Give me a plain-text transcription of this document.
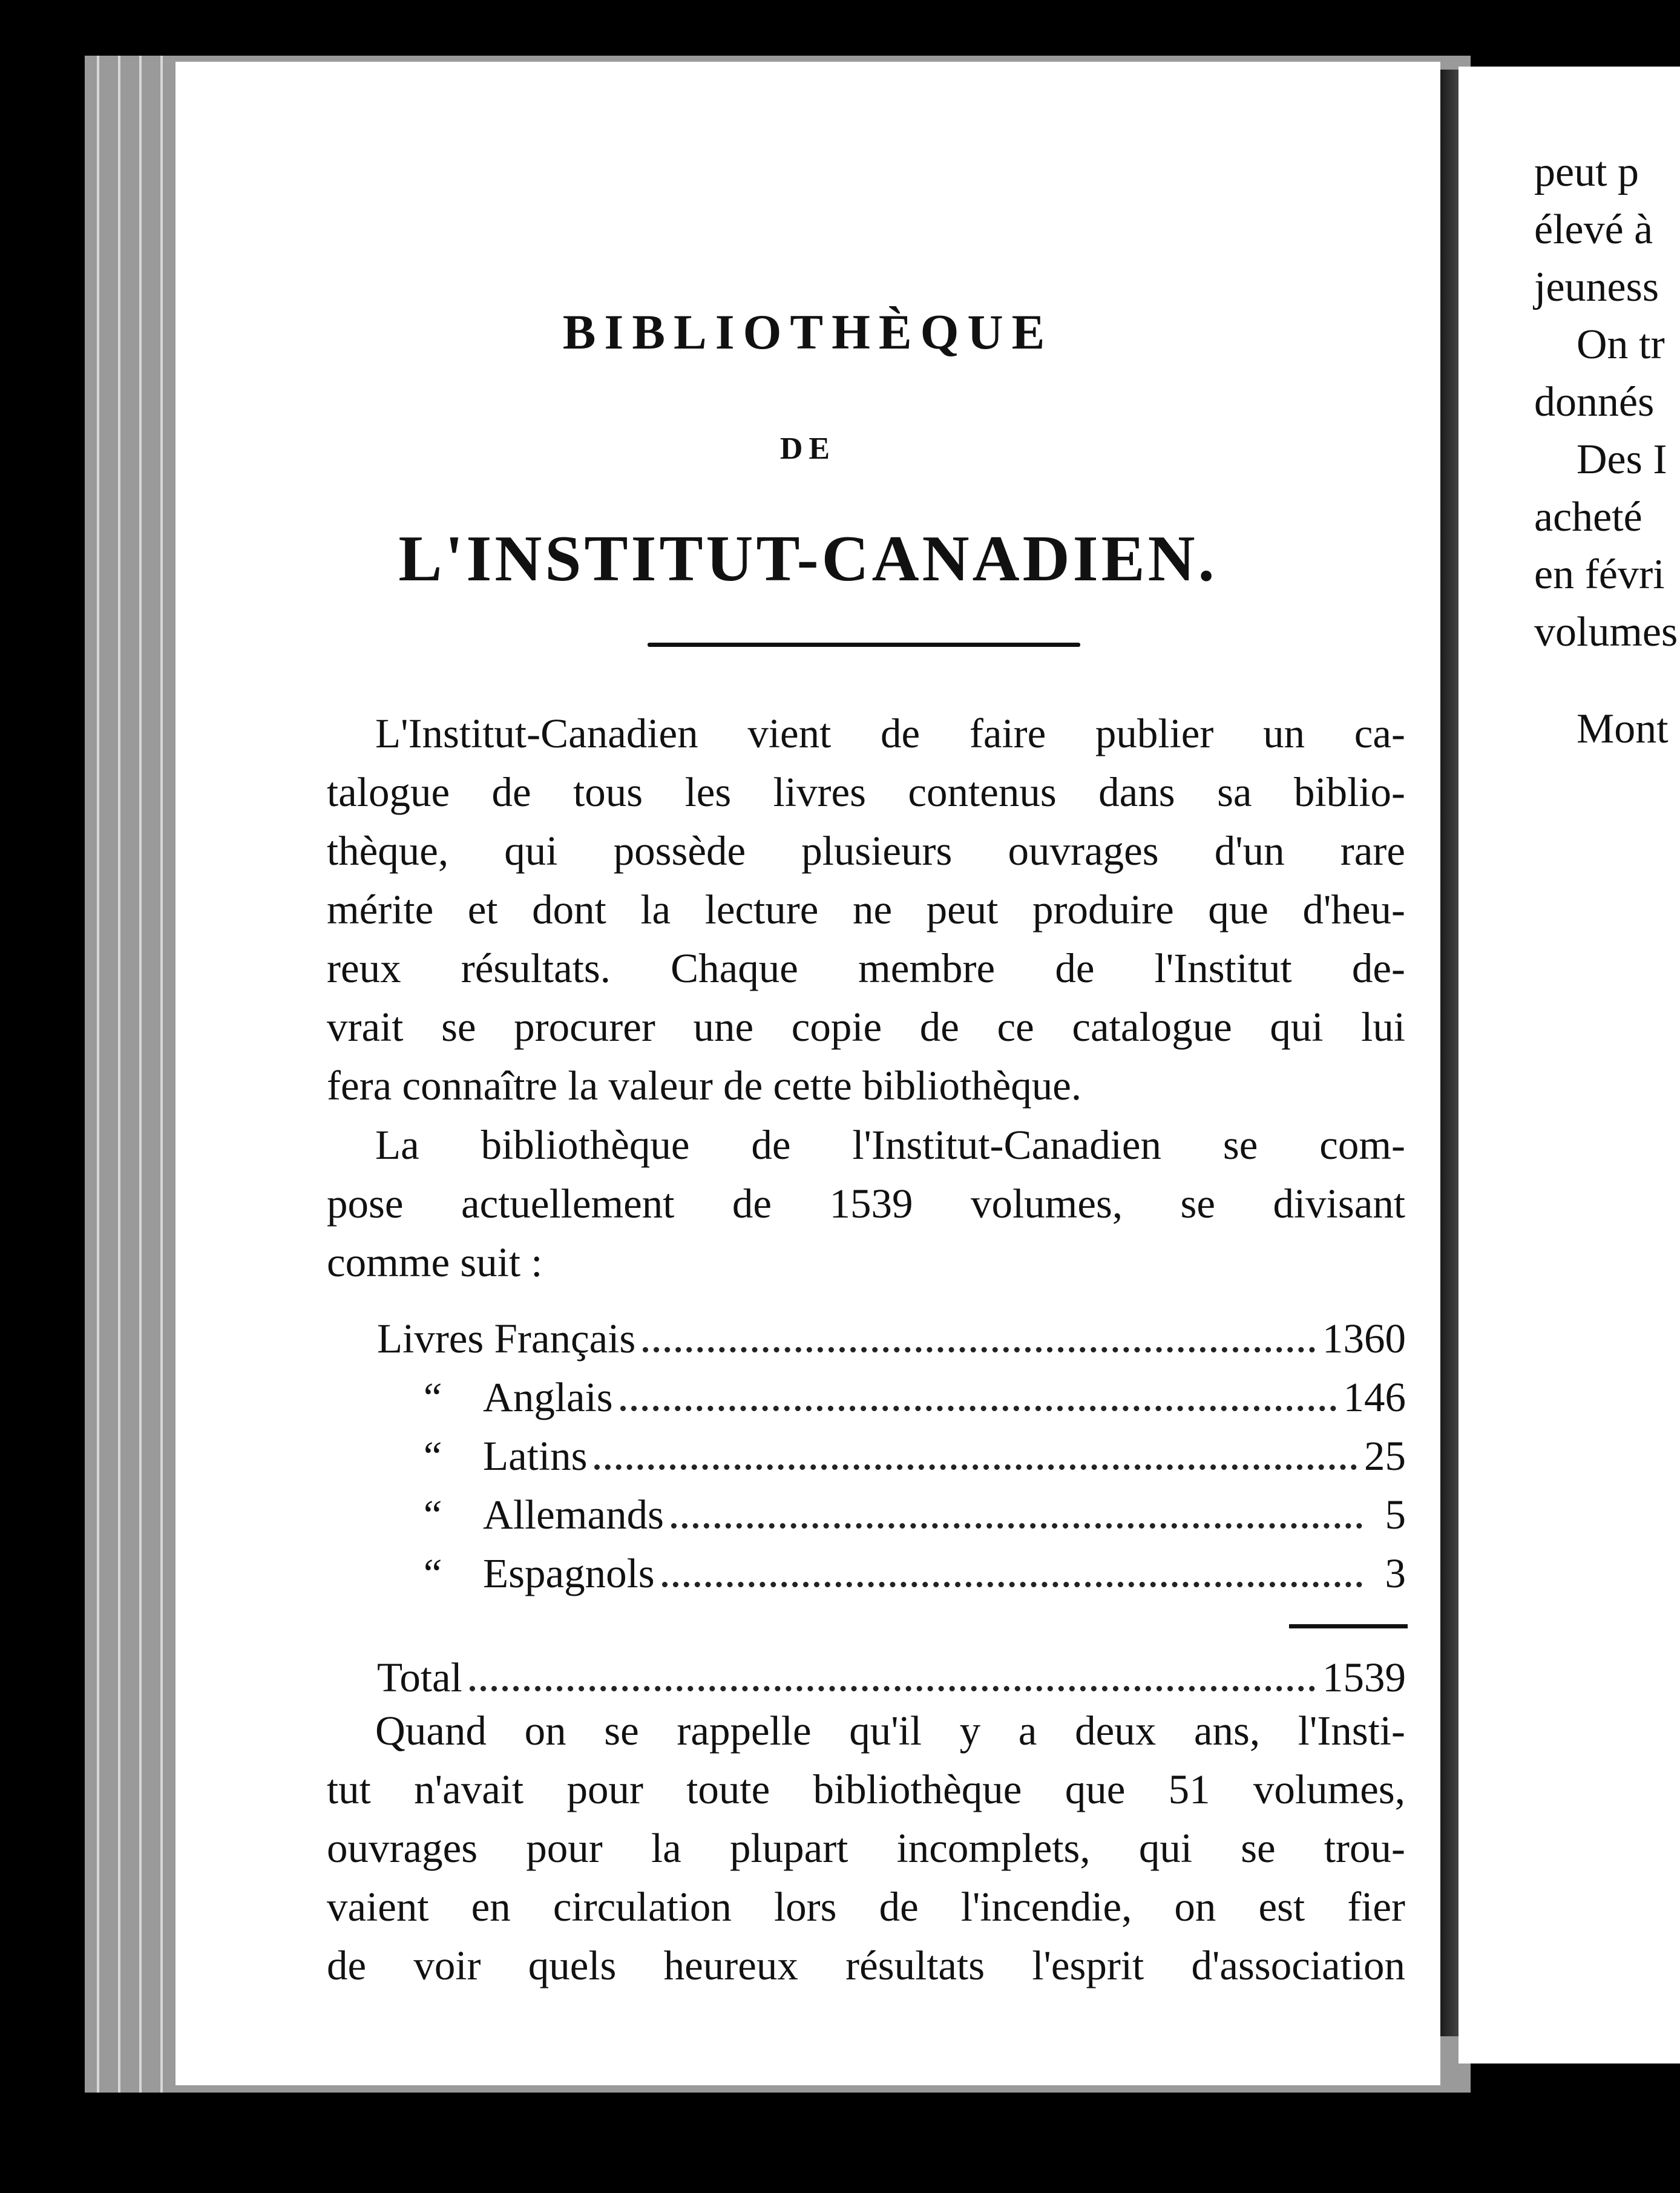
peut p
élevé à
jeuness
On tr
donnés
Des I
acheté
en févri
volumes
Mont
BIBLIOTHÈQUE
DE
L'INSTITUT-CANADIEN.
L'Institut-Canadien vient de faire publier un ca-
talogue de tous les livres contenus dans sa biblio-
thèque, qui possède plusieurs ouvrages d'un rare
mérite et dont la lecture ne peut produire que d'heu-
reux résultats. Chaque membre de l'Institut de-
vrait se procurer une copie de ce catalogue qui lui
fera connaître la valeur de cette bibliothèque.
La bibliothèque de l'Institut-Canadien se com-
pose actuellement de 1539 volumes, se divisant
comme suit :
Livres Français	1360
“ Anglais	146
“ Latins	25
“ Allemands	5
“ Espagnols	3
Total	1539
Quand on se rappelle qu'il y a deux ans, l'Insti-
tut n'avait pour toute bibliothèque que 51 volumes,
ouvrages pour la plupart incomplets, qui se trou-
vaient en circulation lors de l'incendie, on est fier
de voir quels heureux résultats l'esprit d'association
